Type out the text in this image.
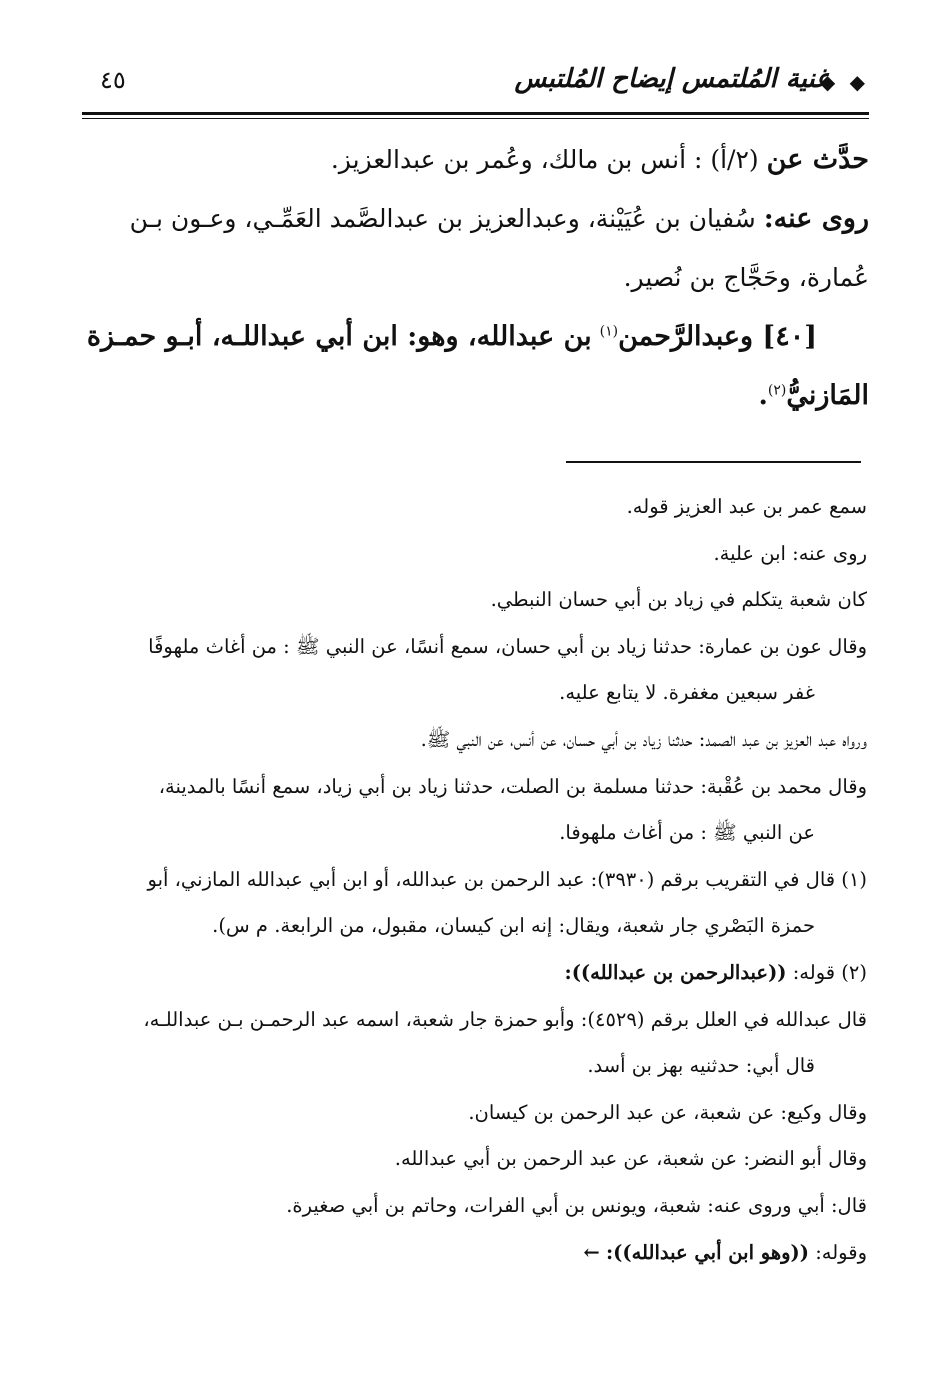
◆ ◆
غنية المُلتمس إيضاح المُلتبس
٤٥

حدَّث عن (٢/أ) : أنس بن مالك، وعُمر بن عبدالعزيز.

روى عنه: سُفيان بن عُيَيْنة، وعبدالعزيز بن عبدالصَّمد العَمِّـي، وعـون بـن

عُمارة، وحَجَّاج بن نُصير.

[٤٠] وعبدالرَّحمن$^{(١)}$ بن عبدالله، وهو: ابن أبي عبداللـه، أبـو حمـزة

المَازنيُّ$^{(٢)}$.

سمع عمر بن عبد العزيز قوله.

روى عنه: ابن علية.

كان شعبة يتكلم في زياد بن أبي حسان النبطي.

وقال عون بن عمارة: حدثنا زياد بن أبي حسان، سمع أنسًا، عن النبي ﷺ : من أغاث ملهوفًا

غفر سبعين مغفرة. لا يتابع عليه.

ورواه عبد العزيز بن عبد الصمد: حدثنا زياد بن أبي حسان، عن أنس، عن النبي ﷺ.

وقال محمد بن عُقْبة: حدثنا مسلمة بن الصلت، حدثنا زياد بن أبي زياد، سمع أنسًا بالمدينة،

عن النبي ﷺ : من أغاث ملهوفا.

(١) قال في التقريب برقم (٣٩٣٠): عبد الرحمن بن عبدالله، أو ابن أبي عبدالله المازني، أبو

حمزة البَصْري جار شعبة، ويقال: إنه ابن كيسان، مقبول، من الرابعة. م س).

(٢) قوله: ((عبدالرحمن بن عبدالله)):

قال عبدالله في العلل برقم (٤٥٢٩): وأبو حمزة جار شعبة، اسمه عبد الرحمـن بـن عبداللـه،

قال أبي: حدثنيه بهز بن أسد.

وقال وكيع: عن شعبة، عن عبد الرحمن بن كيسان.

وقال أبو النضر: عن شعبة، عن عبد الرحمن بن أبي عبدالله.

قال: أبي وروى عنه: شعبة، ويونس بن أبي الفرات، وحاتم بن أبي صغيرة.

وقوله: ((وهو ابن أبي عبدالله)): ←
